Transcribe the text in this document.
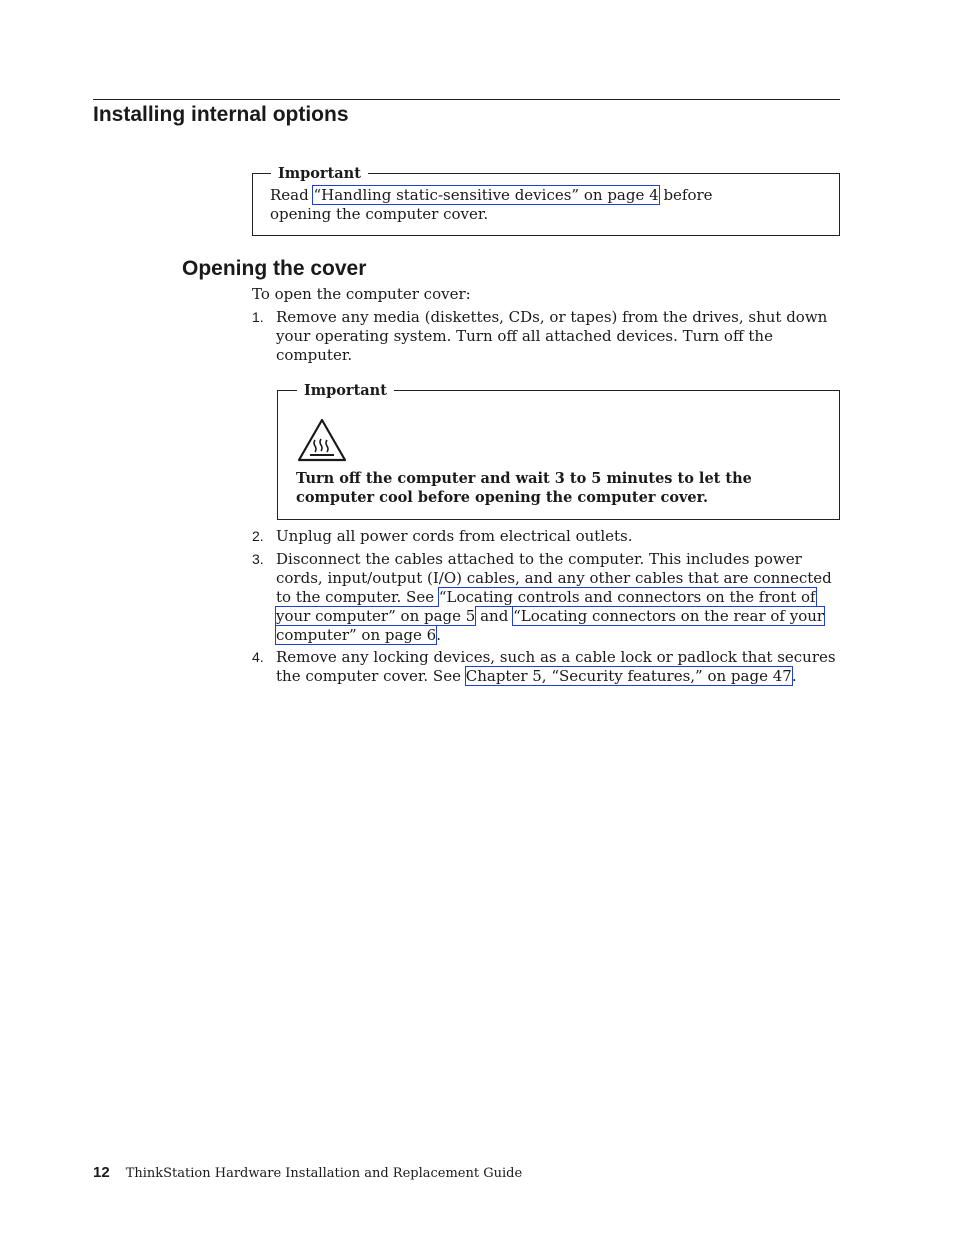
Installing internal options
Important
Read “Handling static-sensitive devices” on page 4 before opening the computer cover.
Opening the cover
To open the computer cover:
1. Remove any media (diskettes, CDs, or tapes) from the drives, shut down your operating system. Turn off all attached devices. Turn off the computer.
Important
Turn off the computer and wait 3 to 5 minutes to let the computer cool before opening the computer cover.
2. Unplug all power cords from electrical outlets.
3. Disconnect the cables attached to the computer. This includes power cords, input/output (I/O) cables, and any other cables that are connected to the computer. See “Locating controls and connectors on the front of your computer” on page 5 and “Locating connectors on the rear of your computer” on page 6.
4. Remove any locking devices, such as a cable lock or padlock that secures the computer cover. See Chapter 5, “Security features,” on page 47.
12 ThinkStation Hardware Installation and Replacement Guide
